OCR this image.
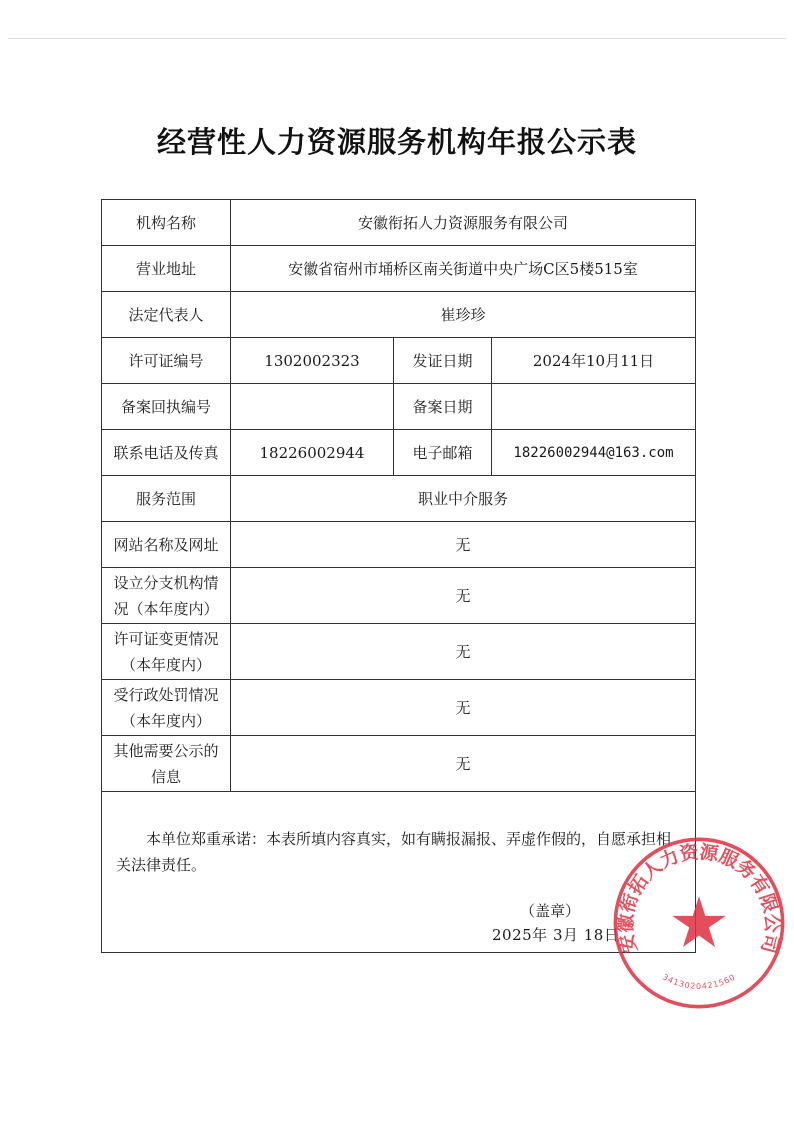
经营性人力资源服务机构年报公示表
机构名称	安徽衔拓人力资源服务有限公司		
营业地址	安徽省宿州市埇桥区南关街道中央广场C区5楼515室		
法定代表人	崔珍珍		
许可证编号	1302002323	发证日期	2024年10月11日
备案回执编号		备案日期	
联系电话及传真	18226002944	电子邮箱	18226002944@163.com
服务范围	职业中介服务		
网站名称及网址	无		

设立分支机构情
况（本年度内）	无		

许可证变更情况
（本年度内）	无		

受行政处罚情况
（本年度内）	无		

其他需要公示的
信息	无		

本单位郑重承诺：本表所填内容真实，如有瞒报漏报、弄虚作假的，自愿承担相关法律责任。
（盖章）
2025年 3月 18日			
安徽衔拓人力资源服务有限公司
3413020421560
